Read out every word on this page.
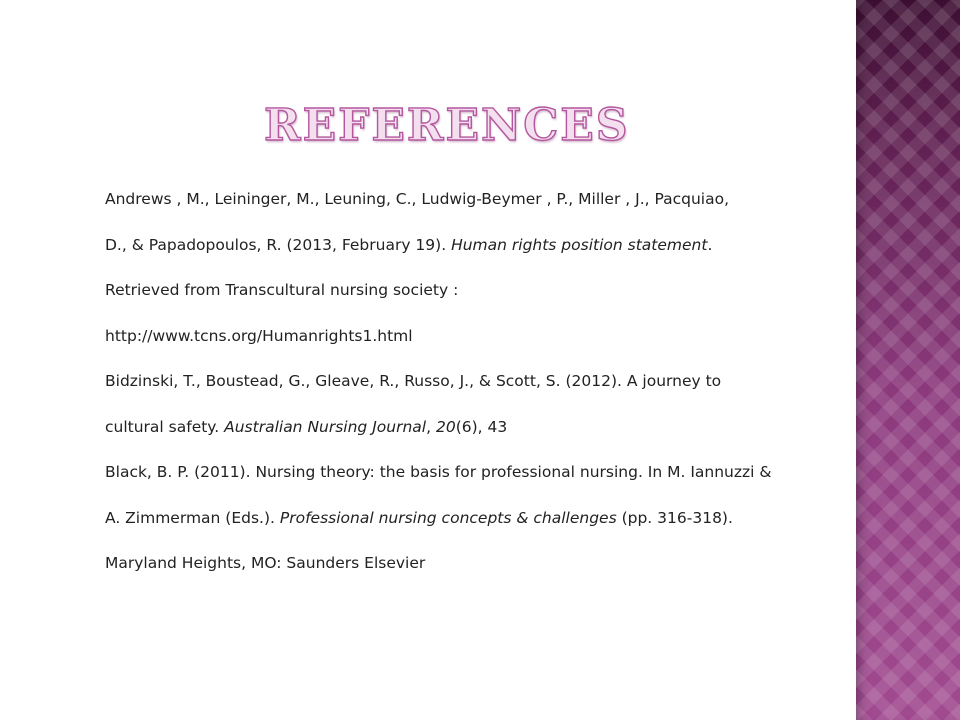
REFERENCES
Andrews , M., Leininger, M., Leuning, C., Ludwig-Beymer , P., Miller , J., Pacquiao,
D., & Papadopoulos, R. (2013, February 19). Human rights position statement.
Retrieved from Transcultural nursing society :
http://www.tcns.org/Humanrights1.html
Bidzinski, T., Boustead, G., Gleave, R., Russo, J., & Scott, S. (2012). A journey to
cultural safety. Australian Nursing Journal, 20(6), 43
Black, B. P. (2011). Nursing theory: the basis for professional nursing. In M. Iannuzzi &
A. Zimmerman (Eds.). Professional nursing concepts & challenges (pp. 316-318).
Maryland Heights, MO: Saunders Elsevier
